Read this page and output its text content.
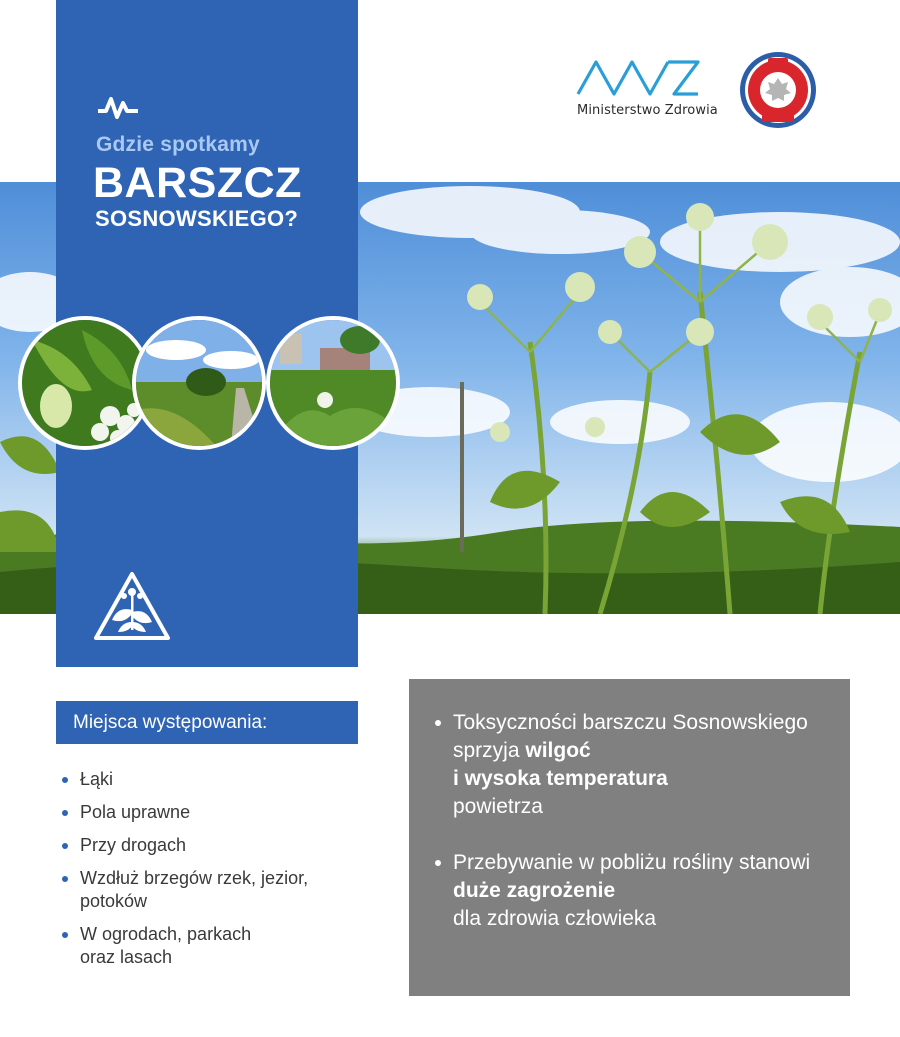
Gdzie spotkamy
BARSZCZ
SOSNOWSKIEGO?
Ministerstwo Zdrowia
Miejsca występowania:
Łąki
Pola uprawne
Przy drogach
Wzdłuż brzegów rzek, jezior,
potoków
W ogrodach, parkach
oraz lasach
Toksyczności barszczu Sosnowskiego sprzyja wilgoć
i wysoka temperatura
powietrza
Przebywanie w pobliżu rośliny stanowi duże zagrożenie
dla zdrowia człowieka
